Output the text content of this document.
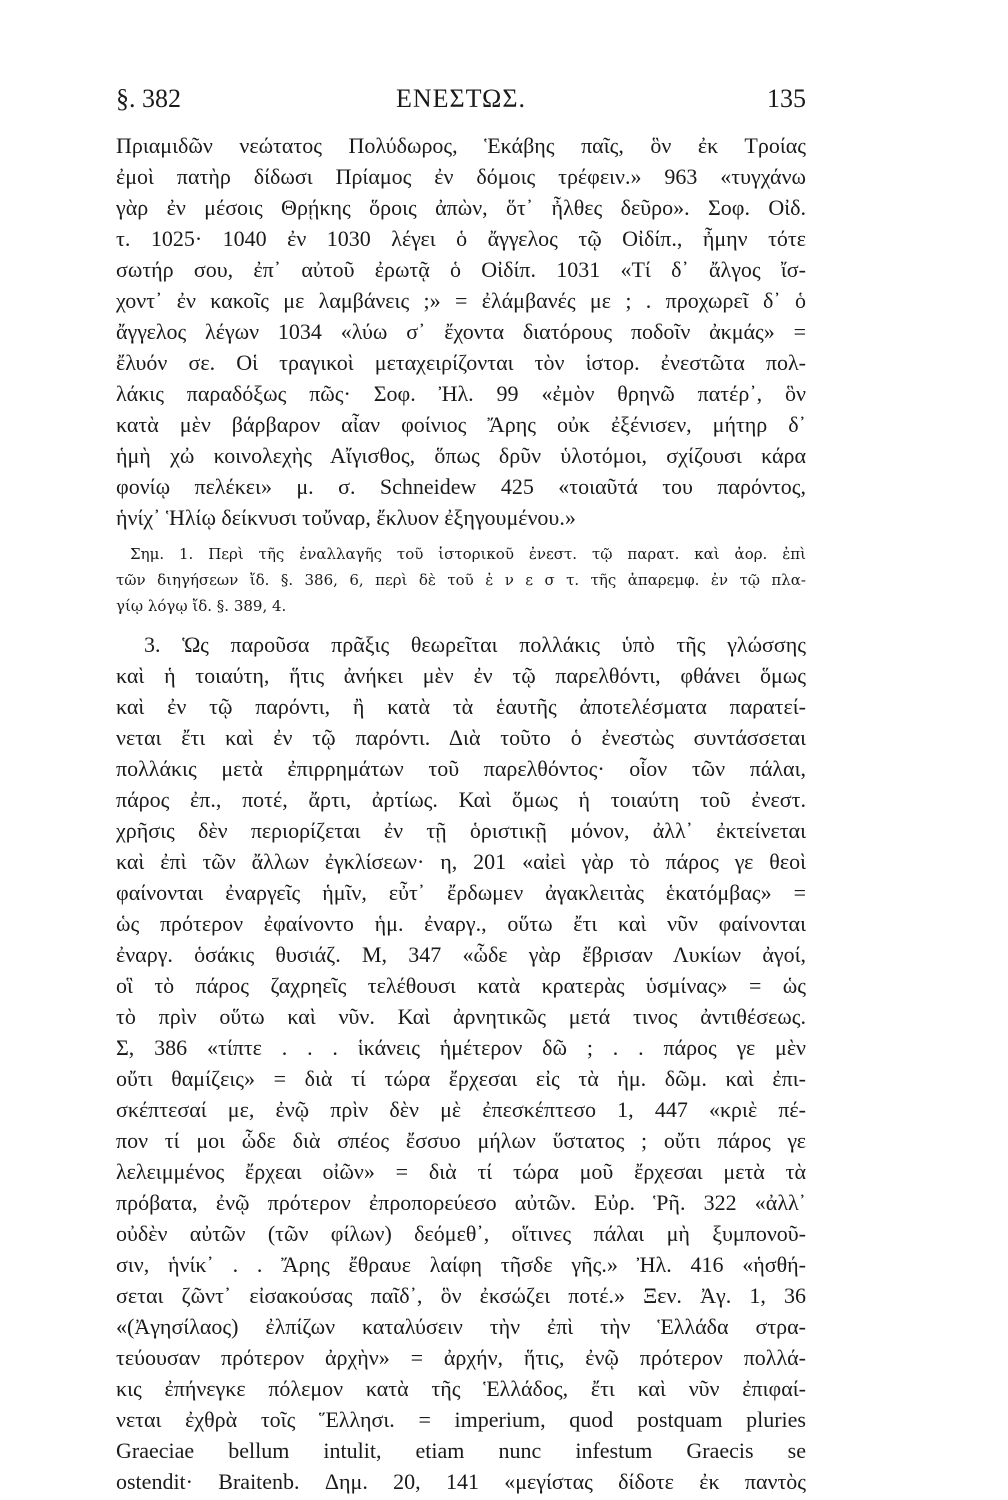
§. 382	ΕΝΕΣΤΩΣ.	135
Πριαμιδῶν νεώτατος Πολύδωρος, Ἑκάβης παῖς, ὃν ἐκ Τροίας
ἐμοὶ πατὴρ δίδωσι Πρίαμος ἐν δόμοις τρέφειν.» 963 «τυγχάνω
γὰρ ἐν μέσοις Θρῄκης ὅροις ἀπὼν, ὅτ᾽ ἦλθες δεῦρο». Σοφ. Οἰδ.
τ. 1025· 1040 ἐν 1030 λέγει ὁ ἄγγελος τῷ Οἰδίπ., ἦμην τότε
σωτήρ σου, ἐπ᾽ αὐτοῦ ἐρωτᾷ ὁ Οἰδίπ. 1031 «Τί δ᾽ ἄλγος ἴσ-
χοντ᾽ ἐν κακοῖς με λαμβάνεις ;» = ἐλάμβανές με ; . προχωρεῖ δ᾽ ὁ
ἄγγελος λέγων 1034 «λύω σ᾽ ἔχοντα διατόρους ποδοῖν ἀκμάς» =
ἔλυόν σε. Οἱ τραγικοὶ μεταχειρίζονται τὸν ἱστορ. ἐνεστῶτα πολ-
λάκις παραδόξως πῶς· Σοφ. Ἠλ. 99 «ἐμὸν θρηνῶ πατέρ᾽, ὃν
κατὰ μὲν βάρβαρον αἶαν φοίνιος Ἄρης οὐκ ἐξένισεν, μήτηρ δ᾽
ἡμὴ χὠ κοινολεχὴς Αἴγισθος, ὅπως δρῦν ὑλοτόμοι, σχίζουσι κάρα
φονίῳ πελέκει» μ. σ. Schneidew 425 «τοιαῦτά του παρόντος,
ἡνίχ᾽ Ἡλίῳ δείκνυσι τοὔναρ, ἔκλυον ἐξηγουμένου.»
Σημ. 1. Περὶ τῆς ἐναλλαγῆς τοῦ ἱστορικοῦ ἐνεστ. τῷ παρατ. καὶ ἀορ. ἐπὶ
τῶν διηγήσεων ἴδ. §. 386, 6, περὶ δὲ τοῦ ἐ ν ε σ τ. τῆς ἀπαρεμφ. ἐν τῷ πλα-
γίῳ λόγῳ ἴδ. §. 389, 4.
3. Ὡς παροῦσα πρᾶξις θεωρεῖται πολλάκις ὑπὸ τῆς γλώσσης
καὶ ἡ τοιαύτη, ἥτις ἀνήκει μὲν ἐν τῷ παρελθόντι, φθάνει ὅμως
καὶ ἐν τῷ παρόντι, ἢ κατὰ τὰ ἑαυτῆς ἀποτελέσματα παρατεί-
νεται ἔτι καὶ ἐν τῷ παρόντι. Διὰ τοῦτο ὁ ἐνεστὼς συντάσσεται
πολλάκις μετὰ ἐπιρρημάτων τοῦ παρελθόντος· οἷον τῶν πάλαι,
πάρος ἐπ., ποτέ, ἄρτι, ἀρτίως. Καὶ ὅμως ἡ τοιαύτη τοῦ ἐνεστ.
χρῆσις δὲν περιορίζεται ἐν τῇ ὁριστικῇ μόνον, ἀλλ᾽ ἐκτείνεται
καὶ ἐπὶ τῶν ἄλλων ἐγκλίσεων· η, 201 «αἰεὶ γὰρ τὸ πάρος γε θεοὶ
φαίνονται ἐναργεῖς ἡμῖν, εὖτ᾽ ἔρδωμεν ἀγακλειτὰς ἑκατόμβας» =
ὡς πρότερον ἐφαίνοντο ἡμ. ἐναργ., οὕτω ἔτι καὶ νῦν φαίνονται
ἐναργ. ὁσάκις θυσιάζ. Μ, 347 «ὧδε γὰρ ἔβρισαν Λυκίων ἀγοί,
οἳ τὸ πάρος ζαχρηεῖς τελέθουσι κατὰ κρατερὰς ὑσμίνας» = ὡς
τὸ πρὶν οὕτω καὶ νῦν. Καὶ ἀρνητικῶς μετά τινος ἀντιθέσεως.
Σ, 386 «τίπτε . . . ἱκάνεις ἡμέτερον δῶ ; . . πάρος γε μὲν
οὔτι θαμίζεις» = διὰ τί τώρα ἔρχεσαι εἰς τὰ ἡμ. δῶμ. καὶ ἐπι-
σκέπτεσαί με, ἐνῷ πρὶν δὲν μὲ ἐπεσκέπτεσο 1, 447 «κριὲ πέ-
πον τί μοι ὧδε διὰ σπέος ἔσσυο μήλων ὕστατος ; οὔτι πάρος γε
λελειμμένος ἔρχεαι οἰῶν» = διὰ τί τώρα μοῦ ἔρχεσαι μετὰ τὰ
πρόβατα, ἐνῷ πρότερον ἐπροπορεύεσο αὐτῶν. Εὐρ. Ῥῆ. 322 «ἀλλ᾽
οὐδὲν αὐτῶν (τῶν φίλων) δεόμεθ᾽, οἵτινες πάλαι μὴ ξυμπονοῦ-
σιν, ἡνίκ᾽ . . Ἄρης ἔθραυε λαίφη τῆσδε γῆς.» Ἠλ. 416 «ἡσθή-
σεται ζῶντ᾽ εἰσακούσας παῖδ᾽, ὃν ἐκσώζει ποτέ.» Ξεν. Ἀγ. 1, 36
«(Ἀγησίλαος) ἐλπίζων καταλύσειν τὴν ἐπὶ τὴν Ἑλλάδα στρα-
τεύουσαν πρότερον ἀρχὴν» = ἀρχήν, ἥτις, ἐνῷ πρότερον πολλά-
κις ἐπήνεγκε πόλεμον κατὰ τῆς Ἑλλάδος, ἔτι καὶ νῦν ἐπιφαί-
νεται ἐχθρὰ τοῖς Ἕλλησι. = imperium, quod postquam pluries
Graeciae bellum intulit, etiam nunc infestum Graecis se
ostendit· Braitenb. Δημ. 20, 141 «μεγίστας δίδοτε ἐκ παντὸς
